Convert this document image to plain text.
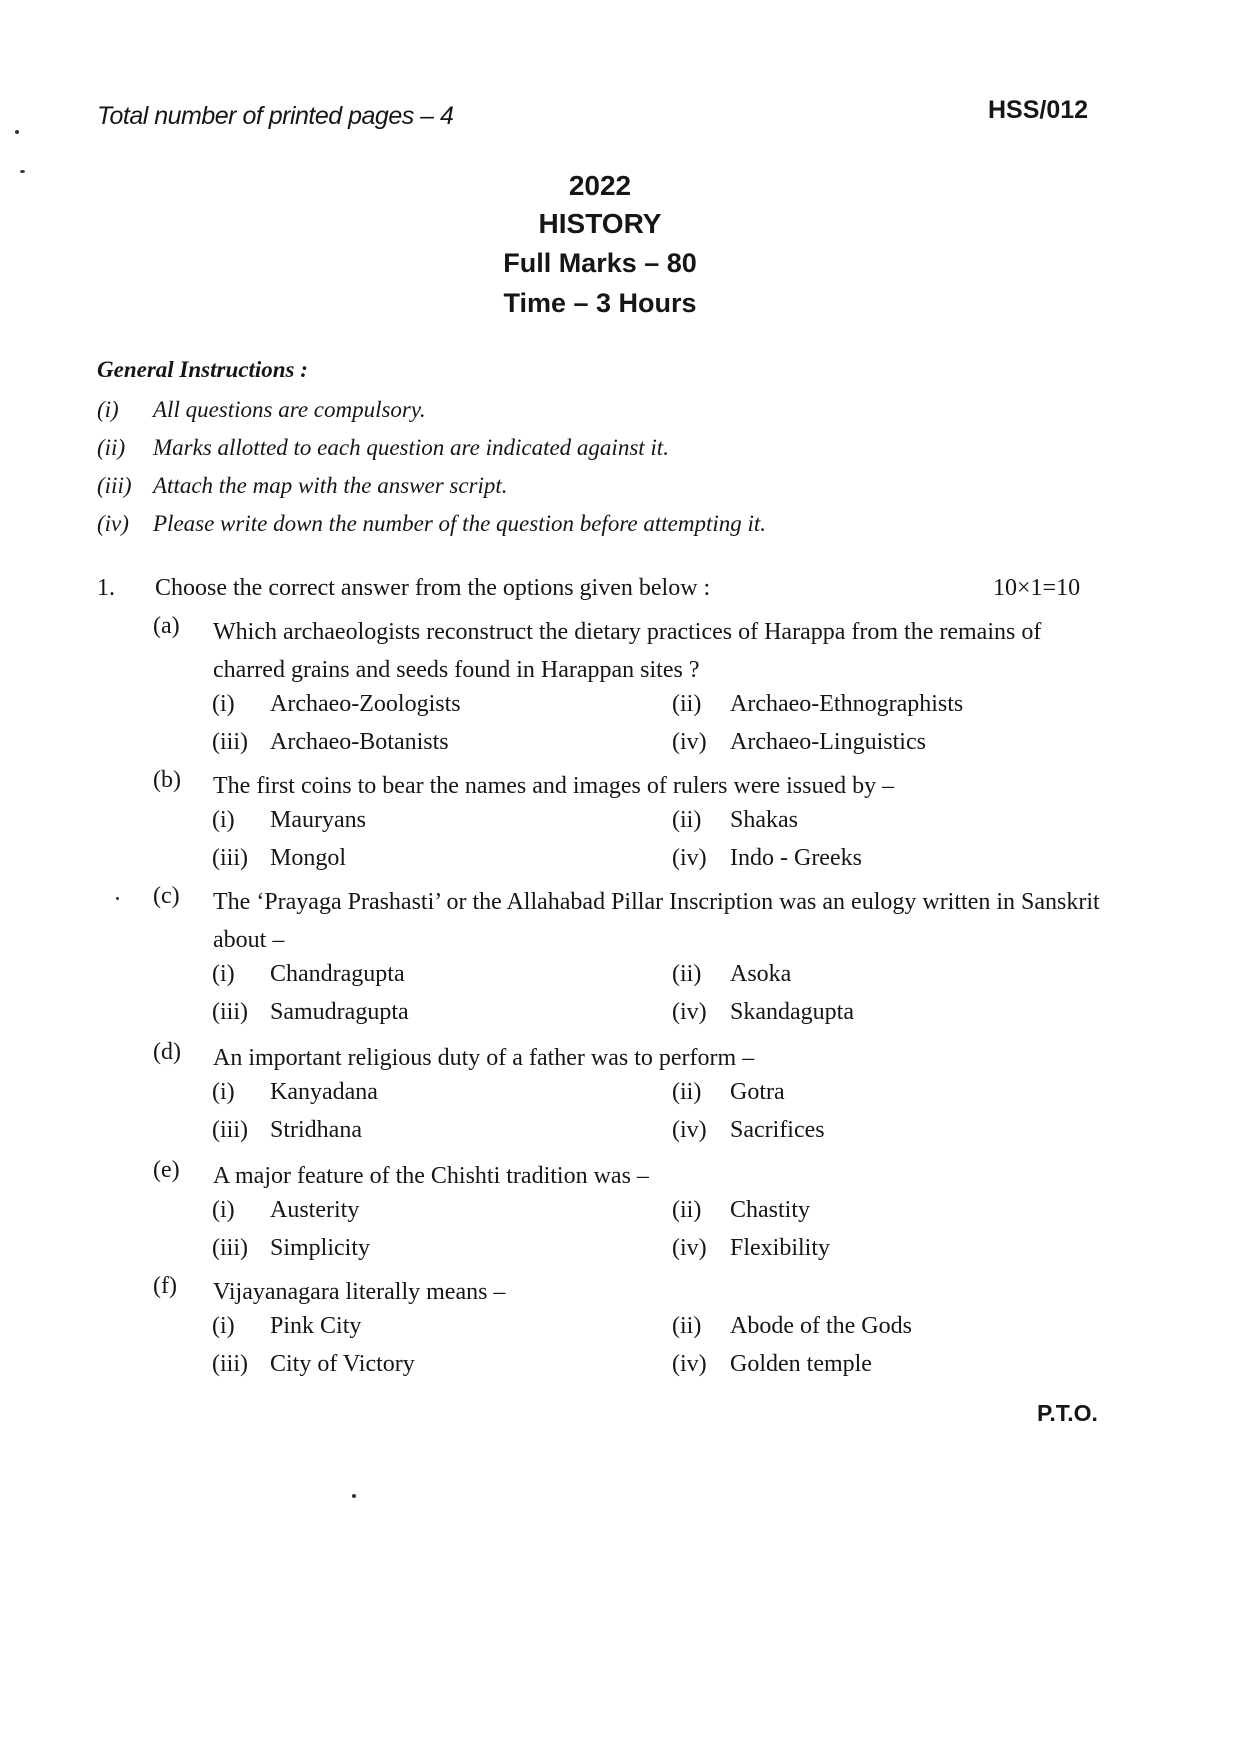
Total number of printed pages – 4	HSS/012
2022
HISTORY
Full Marks – 80
Time – 3 Hours
General Instructions :
(i) All questions are compulsory.
(ii) Marks allotted to each question are indicated against it.
(iii) Attach the map with the answer script.
(iv) Please write down the number of the question before attempting it.
1. Choose the correct answer from the options given below :	10×1=10
(a) Which archaeologists reconstruct the dietary practices of Harappa from the remains of charred grains and seeds found in Harappan sites ?
(i) Archaeo-Zoologists	(ii) Archaeo-Ethnographists
(iii) Archaeo-Botanists	(iv) Archaeo-Linguistics
(b) The first coins to bear the names and images of rulers were issued by –
(i) Mauryans	(ii) Shakas
(iii) Mongol	(iv) Indo - Greeks
(c) The ‘Prayaga Prashasti’ or the Allahabad Pillar Inscription was an eulogy written in Sanskrit about –
(i) Chandragupta	(ii) Asoka
(iii) Samudragupta	(iv) Skandagupta
(d) An important religious duty of a father was to perform –
(i) Kanyadana	(ii) Gotra
(iii) Stridhana	(iv) Sacrifices
(e) A major feature of the Chishti tradition was –
(i) Austerity	(ii) Chastity
(iii) Simplicity	(iv) Flexibility
(f) Vijayanagara literally means –
(i) Pink City	(ii) Abode of the Gods
(iii) City of Victory	(iv) Golden temple
P.T.O.
